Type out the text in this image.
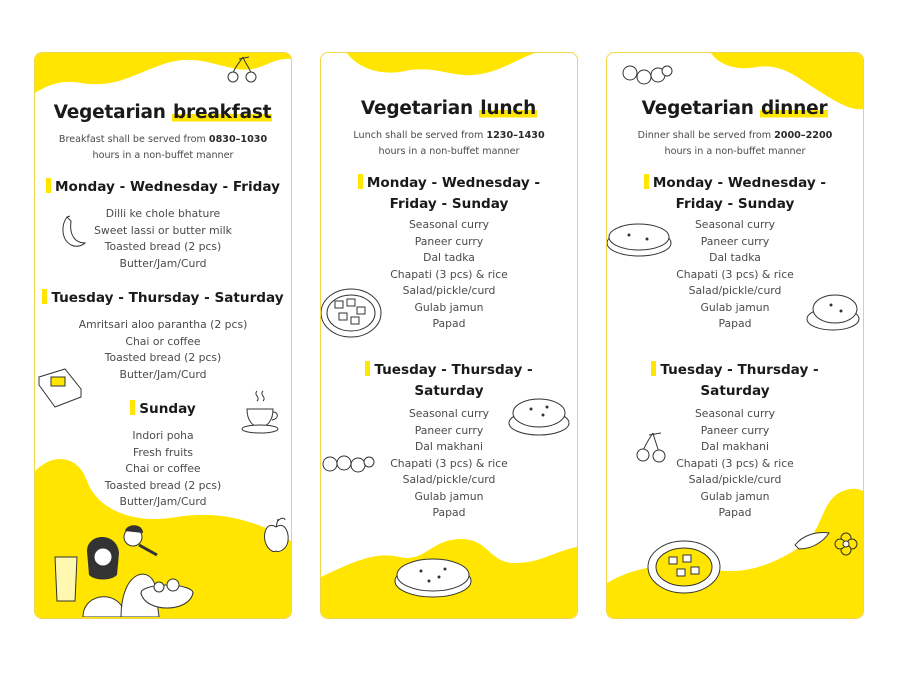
Vegetarian breakfast
Breakfast shall be served from 0830–1030
hours in a non-buffet manner
Monday - Wednesday - Friday
Dilli ke chole bhature
Sweet lassi or butter milk
Toasted bread (2 pcs)
Butter/Jam/Curd
Tuesday - Thursday - Saturday
Amritsari aloo parantha (2 pcs)
Chai or coffee
Toasted bread (2 pcs)
Butter/Jam/Curd
Sunday
Indori poha
Fresh fruits
Chai or coffee
Toasted bread (2 pcs)
Butter/Jam/Curd
Vegetarian lunch
Lunch shall be served from 1230–1430
hours in a non-buffet manner
Monday - Wednesday -
Friday - Sunday
Seasonal curry
Paneer curry
Dal tadka
Chapati (3 pcs) & rice
Salad/pickle/curd
Gulab jamun
Papad
Tuesday - Thursday -
Saturday
Seasonal curry
Paneer curry
Dal makhani
Chapati (3 pcs) & rice
Salad/pickle/curd
Gulab jamun
Papad
Vegetarian dinner
Dinner shall be served from 2000–2200
hours in a non-buffet manner
Monday - Wednesday -
Friday - Sunday
Seasonal curry
Paneer curry
Dal tadka
Chapati (3 pcs) & rice
Salad/pickle/curd
Gulab jamun
Papad
Tuesday - Thursday -
Saturday
Seasonal curry
Paneer curry
Dal makhani
Chapati (3 pcs) & rice
Salad/pickle/curd
Gulab jamun
Papad
